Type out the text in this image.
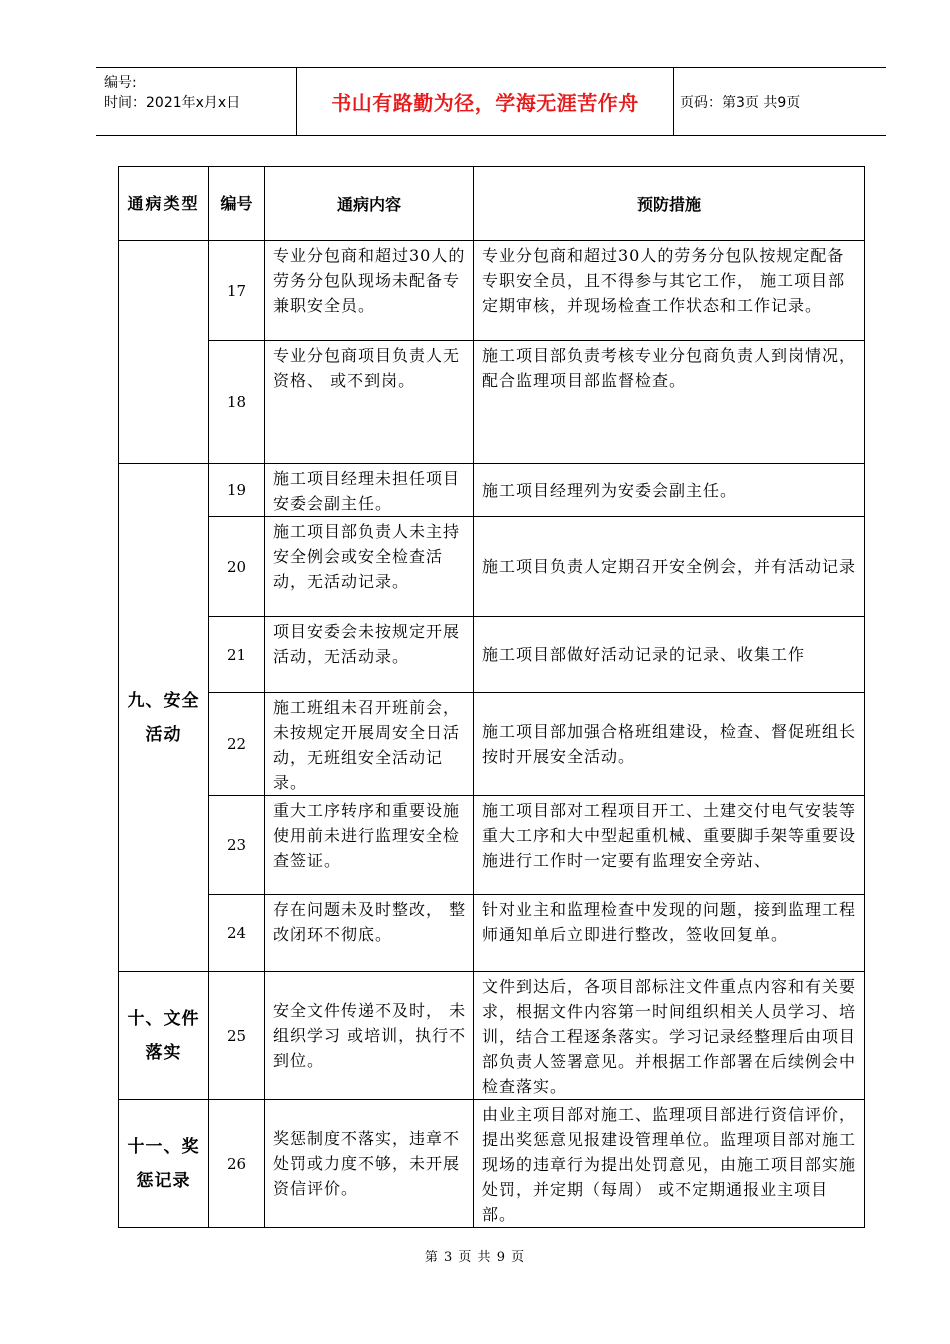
编号:
时间：2021年x月x日	书山有路勤为径，学海无涯苦作舟	页码：第3页 共9页
通病类型	编号	通病内容	预防措施
	17	专业分包商和超过30人的劳务分包队现场未配备专兼职安全员。	专业分包商和超过30人的劳务分包队按规定配备专职安全员，且不得参与其它工作， 施工项目部定期审核，并现场检查工作状态和工作记录。
	18	专业分包商项目负责人无资格、 或不到岗。	施工项目部负责考核专业分包商负责人到岗情况，配合监理项目部监督检查。
九、安全活动	19	施工项目经理未担任项目安委会副主任。	施工项目经理列为安委会副主任。
	20	施工项目部负责人未主持安全例会或安全检查活动，无活动记录。	施工项目负责人定期召开安全例会，并有活动记录
	21	项目安委会未按规定开展活动，无活动录。	施工项目部做好活动记录的记录、收集工作
	22	施工班组未召开班前会，未按规定开展周安全日活动，无班组安全活动记录。	施工项目部加强合格班组建设，检查、督促班组长按时开展安全活动。
	23	重大工序转序和重要设施使用前未进行监理安全检查签证。	施工项目部对工程项目开工、土建交付电气安装等重大工序和大中型起重机械、重要脚手架等重要设施进行工作时一定要有监理安全旁站、
	24	存在问题未及时整改， 整改闭环不彻底。	针对业主和监理检查中发现的问题，接到监理工程师通知单后立即进行整改，签收回复单。
十、文件落实	25	安全文件传递不及时， 未组织学习 或培训，执行不到位。	文件到达后，各项目部标注文件重点内容和有关要求，根据文件内容第一时间组织相关人员学习、培训，结合工程逐条落实。学习记录经整理后由项目部负责人签署意见。并根据工作部署在后续例会中检查落实。
十一、奖惩记录	26	奖惩制度不落实，违章不处罚或力度不够，未开展资信评价。	由业主项目部对施工、监理项目部进行资信评价，提出奖惩意见报建设管理单位。监理项目部对施工现场的违章行为提出处罚意见，由施工项目部实施处罚，并定期（每周） 或不定期通报业主项目部。
第 3 页 共 9 页
